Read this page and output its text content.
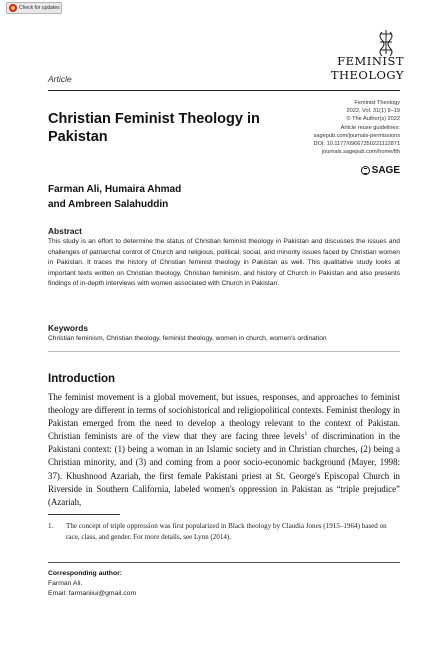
Check for updates
FEMINIST
THEOLOGY
Article
Feminist Theology
2022, Vol. 31(1) 9–19
© The Author(s) 2022
Article reuse guidelines:
sagepub.com/journals-permissions
DOI: 10.1177/09667350221112871
journals.sagepub.com/home/fth
SAGE
Christian Feminist Theology in Pakistan
Farman Ali, Humaira Ahmad
and Ambreen Salahuddin
Abstract
This study is an effort to determine the status of Christian feminist theology in Pakistan and discusses the issues and challenges of patriarchal control of Church and religious, political, social, and minority issues faced by Christian women in Pakistan. It traces the history of Christian feminist theology in Pakistan as well. This qualitative study looks at important texts written on Christian theology, Christian feminism, and history of Church in Pakistan and also presents findings of in-depth interviews with women associated with Church in Pakistan.
Keywords
Christian feminism, Christian theology, feminist theology, women in church, women's ordination
Introduction
The feminist movement is a global movement, but issues, responses, and approaches to feminist theology are different in terms of sociohistorical and religiopolitical contexts. Feminist theology in Pakistan emerged from the need to develop a theology relevant to the context of Pakistan. Christian feminists are of the view that they are facing three levels$^1$ of discrimination in the Pakistani context: (1) being a woman in an Islamic society and in Christian churches, (2) being a Christian minority, and (3) and coming from a poor socio-economic background (Mayer, 1998: 37). Khushnood Azariah, the first female Pakistani priest at St. George's Episcopal Church in Riverside in Southern California, labeled women's oppression in Pakistan as “triple prejudice” (Azariah,
1.	The concept of triple oppression was first popularized in Black theology by Claudia Jones (1915–1964) based on race, class, and gender. For more details, see Lynn (2014).
Corresponding author:
Farman Ali.
Email: farmaniiui@gmail.com
